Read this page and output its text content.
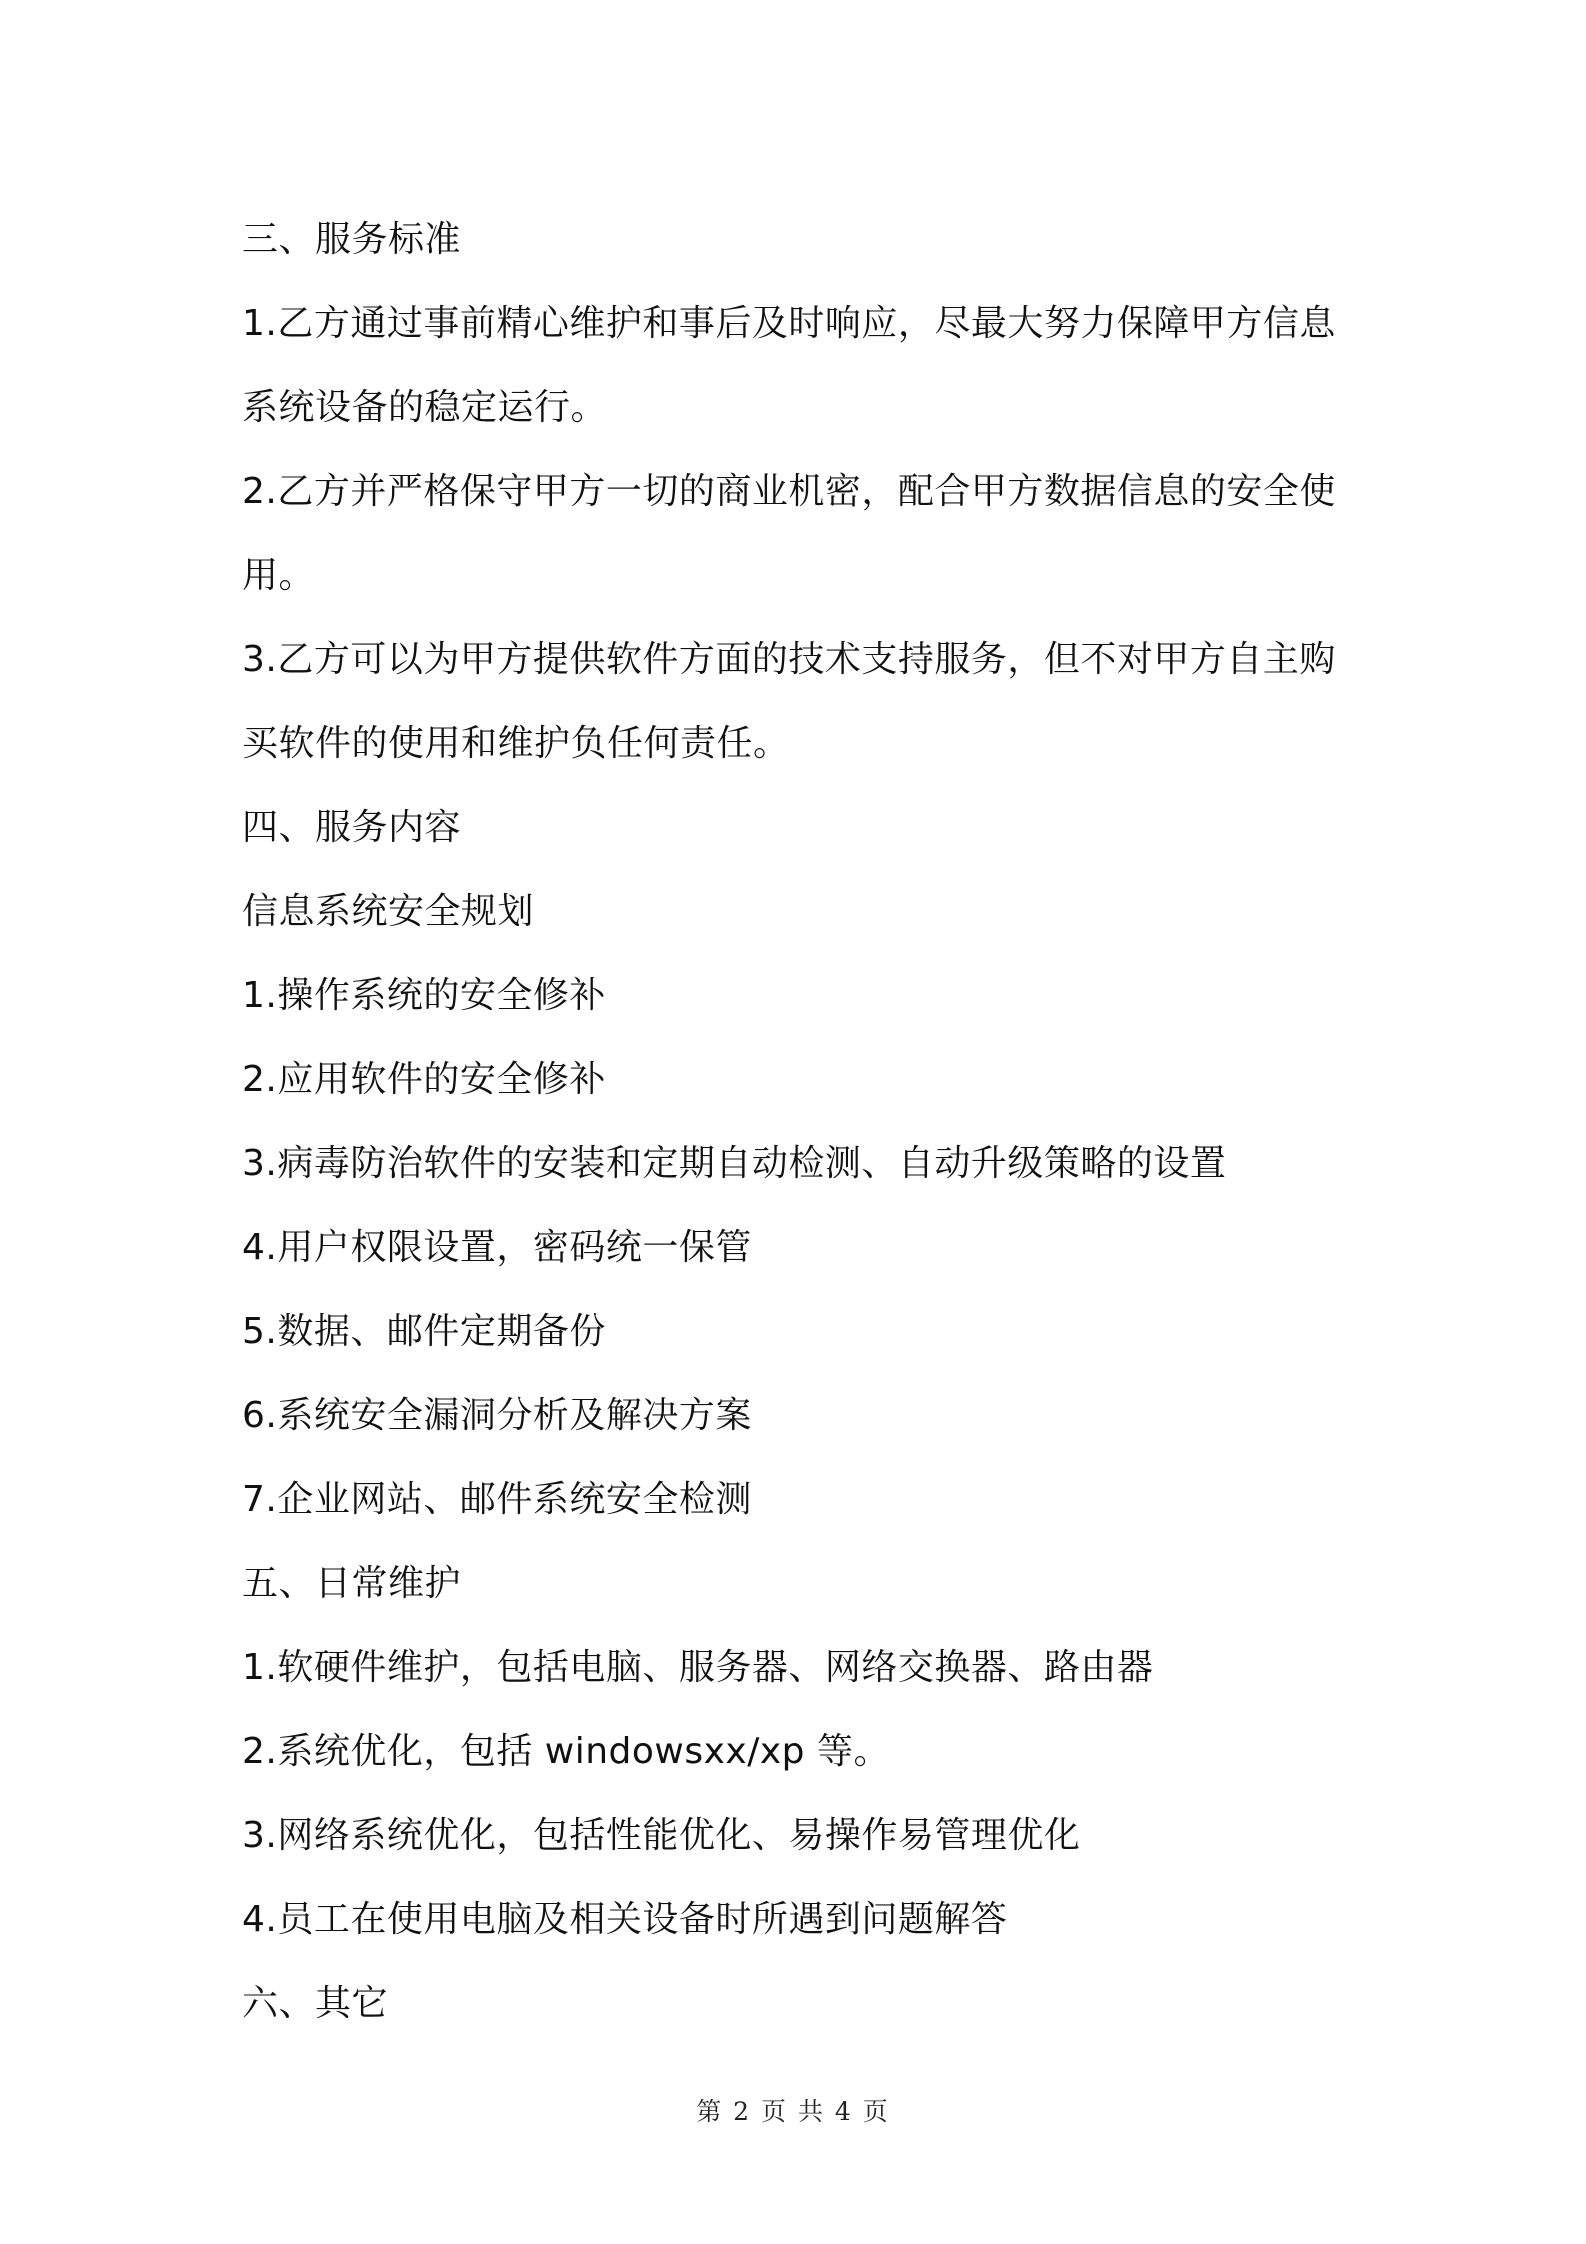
三、服务标准
1.乙方通过事前精心维护和事后及时响应，尽最大努力保障甲方信息
系统设备的稳定运行。
2.乙方并严格保守甲方一切的商业机密，配合甲方数据信息的安全使
用。
3.乙方可以为甲方提供软件方面的技术支持服务，但不对甲方自主购
买软件的使用和维护负任何责任。
四、服务内容
信息系统安全规划
1.操作系统的安全修补
2.应用软件的安全修补
3.病毒防治软件的安装和定期自动检测、自动升级策略的设置
4.用户权限设置，密码统一保管
5.数据、邮件定期备份
6.系统安全漏洞分析及解决方案
7.企业网站、邮件系统安全检测
五、日常维护
1.软硬件维护，包括电脑、服务器、网络交换器、路由器
2.系统优化，包括 windowsxx/xp 等。
3.网络系统优化，包括性能优化、易操作易管理优化
4.员工在使用电脑及相关设备时所遇到问题解答
六、其它
第 2 页 共 4 页
